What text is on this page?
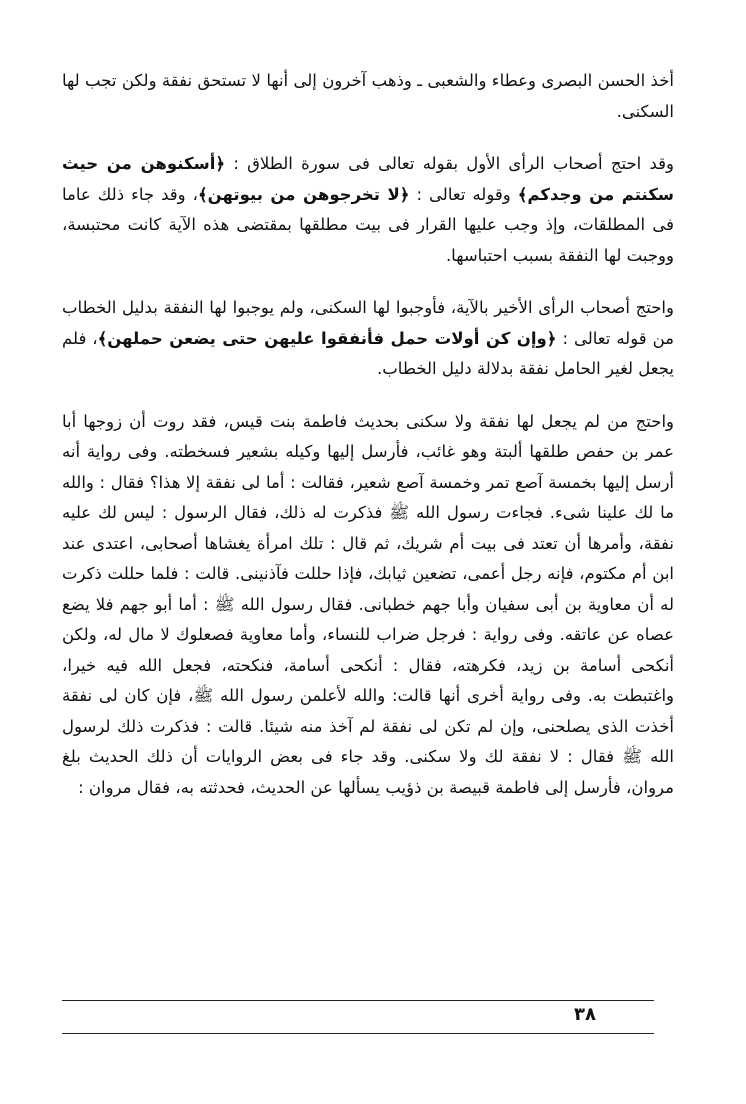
أخذ الحسن البصرى وعطاء والشعبى ـ وذهب آخرون إلى أنها لا تستحق نفقة ولكن تجب لها السكنى.

وقد احتج أصحاب الرأى الأول بقوله تعالى فى سورة الطلاق : ﴿أسكنوهن من حيث سكنتم من وجدكم﴾ وقوله تعالى : ﴿لا تخرجوهن من بيوتهن﴾، وقد جاء ذلك عاما فى المطلقات، وإذ وجب عليها القرار فى بيت مطلقها بمقتضى هذه الآية كانت محتبسة، ووجبت لها النفقة بسبب احتباسها.

واحتج أصحاب الرأى الأخير بالآية، فأوجبوا لها السكنى، ولم يوجبوا لها النفقة بدليل الخطاب من قوله تعالى : ﴿وإن كن أولات حمل فأنفقوا عليهن حتى يضعن حملهن﴾، فلم يجعل لغير الحامل نفقة بدلالة دليل الخطاب.

واحتج من لم يجعل لها نفقة ولا سكنى بحديث فاطمة بنت قيس، فقد روت أن زوجها أبا عمر بن حفص طلقها ألبتة وهو غائب، فأرسل إليها وكيله بشعير فسخطته. وفى رواية أنه أرسل إليها بخمسة آصع تمر وخمسة آصع شعير، فقالت : أما لى نفقة إلا هذا؟ فقال : والله ما لك علينا شىء. فجاءت رسول الله ﷺ فذكرت له ذلك، فقال الرسول : ليس لك عليه نفقة، وأمرها أن تعتد فى بيت أم شريك، ثم قال : تلك امرأة يغشاها أصحابى، اعتدى عند ابن أم مكتوم، فإنه رجل أعمى، تضعين ثيابك، فإذا حللت فآذنينى. قالت : فلما حللت ذكرت له أن معاوية بن أبى سفيان وأبا جهم خطبانى. فقال رسول الله ﷺ : أما أبو جهم فلا يضع عصاه عن عاتقه. وفى رواية : فرجل ضراب للنساء، وأما معاوية فصعلوك لا مال له، ولكن أنكحى أسامة بن زيد، فكرهته، فقال : أنكحى أسامة، فنكحته، فجعل الله فيه خيرا، واغتبطت به. وفى رواية أخرى أنها قالت: والله لأعلمن رسول الله ﷺ، فإن كان لى نفقة أخذت الذى يصلحنى، وإن لم تكن لى نفقة لم آخذ منه شيئا. قالت : فذكرت ذلك لرسول الله ﷺ فقال : لا نفقة لك ولا سكنى. وقد جاء فى بعض الروايات أن ذلك الحديث بلغ مروان، فأرسل إلى فاطمة قبيصة بن ذؤيب يسألها عن الحديث، فحدثته به، فقال مروان :

٣٨
